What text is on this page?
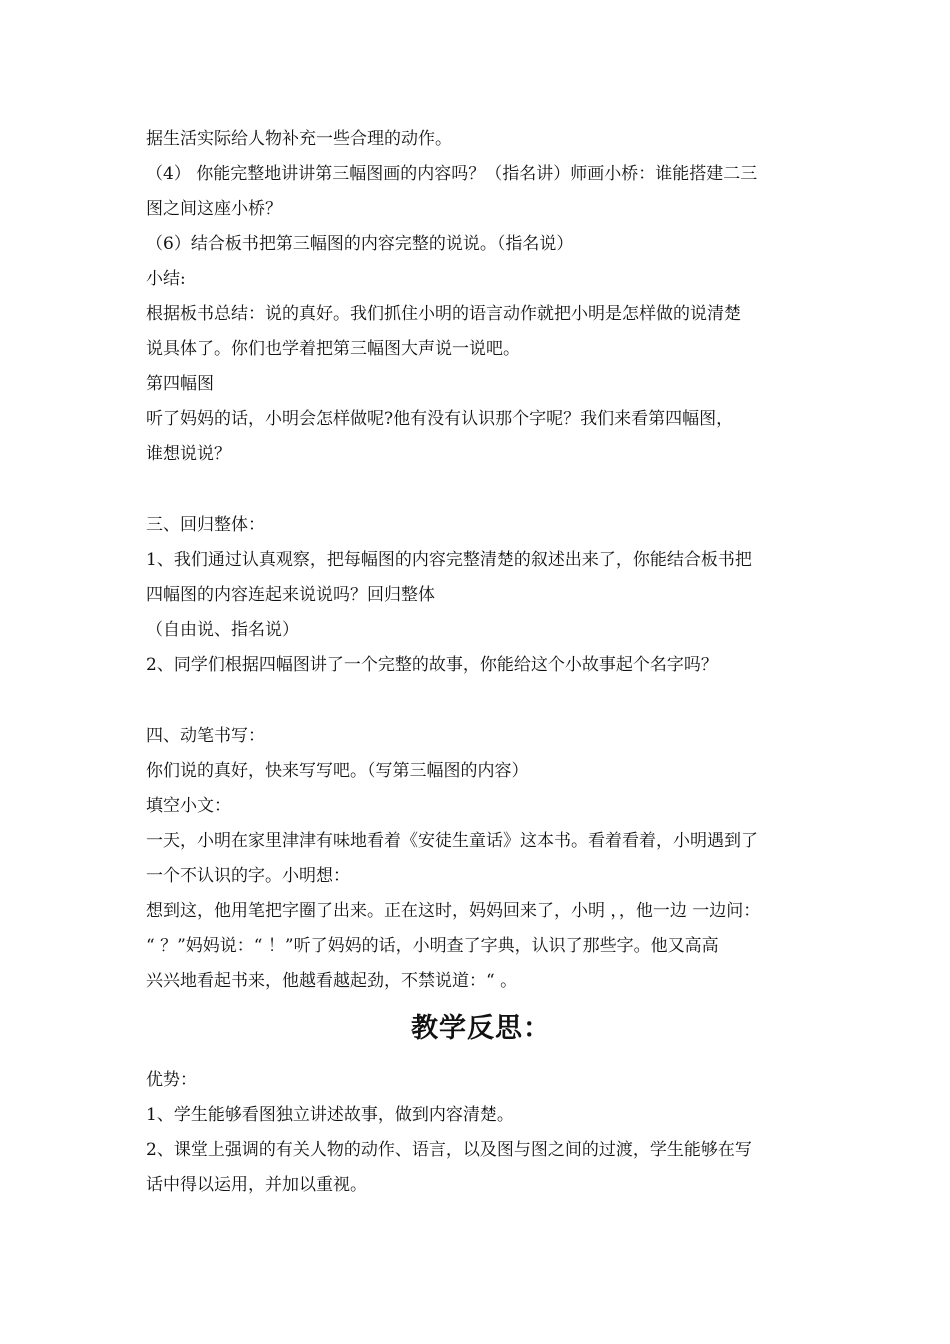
据生活实际给人物补充一些合理的动作。

（4） 你能完整地讲讲第三幅图画的内容吗？（指名讲）师画小桥：谁能搭建二三

图之间这座小桥？

（6）结合板书把第三幅图的内容完整的说说。（指名说）

小结:

根据板书总结：说的真好。我们抓住小明的语言动作就把小明是怎样做的说清楚

说具体了。你们也学着把第三幅图大声说一说吧。

第四幅图

听了妈妈的话，小明会怎样做呢?他有没有认识那个字呢？我们来看第四幅图，

谁想说说？

三、回归整体：

1、我们通过认真观察，把每幅图的内容完整清楚的叙述出来了，你能结合板书把

四幅图的内容连起来说说吗？回归整体

（自由说、指名说）

2、同学们根据四幅图讲了一个完整的故事，你能给这个小故事起个名字吗？

四、动笔书写：

你们说的真好，快来写写吧。（写第三幅图的内容）

填空小文：

一天，小明在家里津津有味地看着《安徒生童话》这本书。看着看着，小明遇到了

一个不认识的字。小明想：

想到这，他用笔把字圈了出来。正在这时，妈妈回来了，小明 ，，他一边 一边问：

“ ？”妈妈说：“ ！”听了妈妈的话，小明查了字典，认识了那些字。他又高高

兴兴地看起书来，他越看越起劲，不禁说道：“ 。

教学反思：

优势：

1、学生能够看图独立讲述故事，做到内容清楚。

2、课堂上强调的有关人物的动作、语言，以及图与图之间的过渡，学生能够在写

话中得以运用，并加以重视。
